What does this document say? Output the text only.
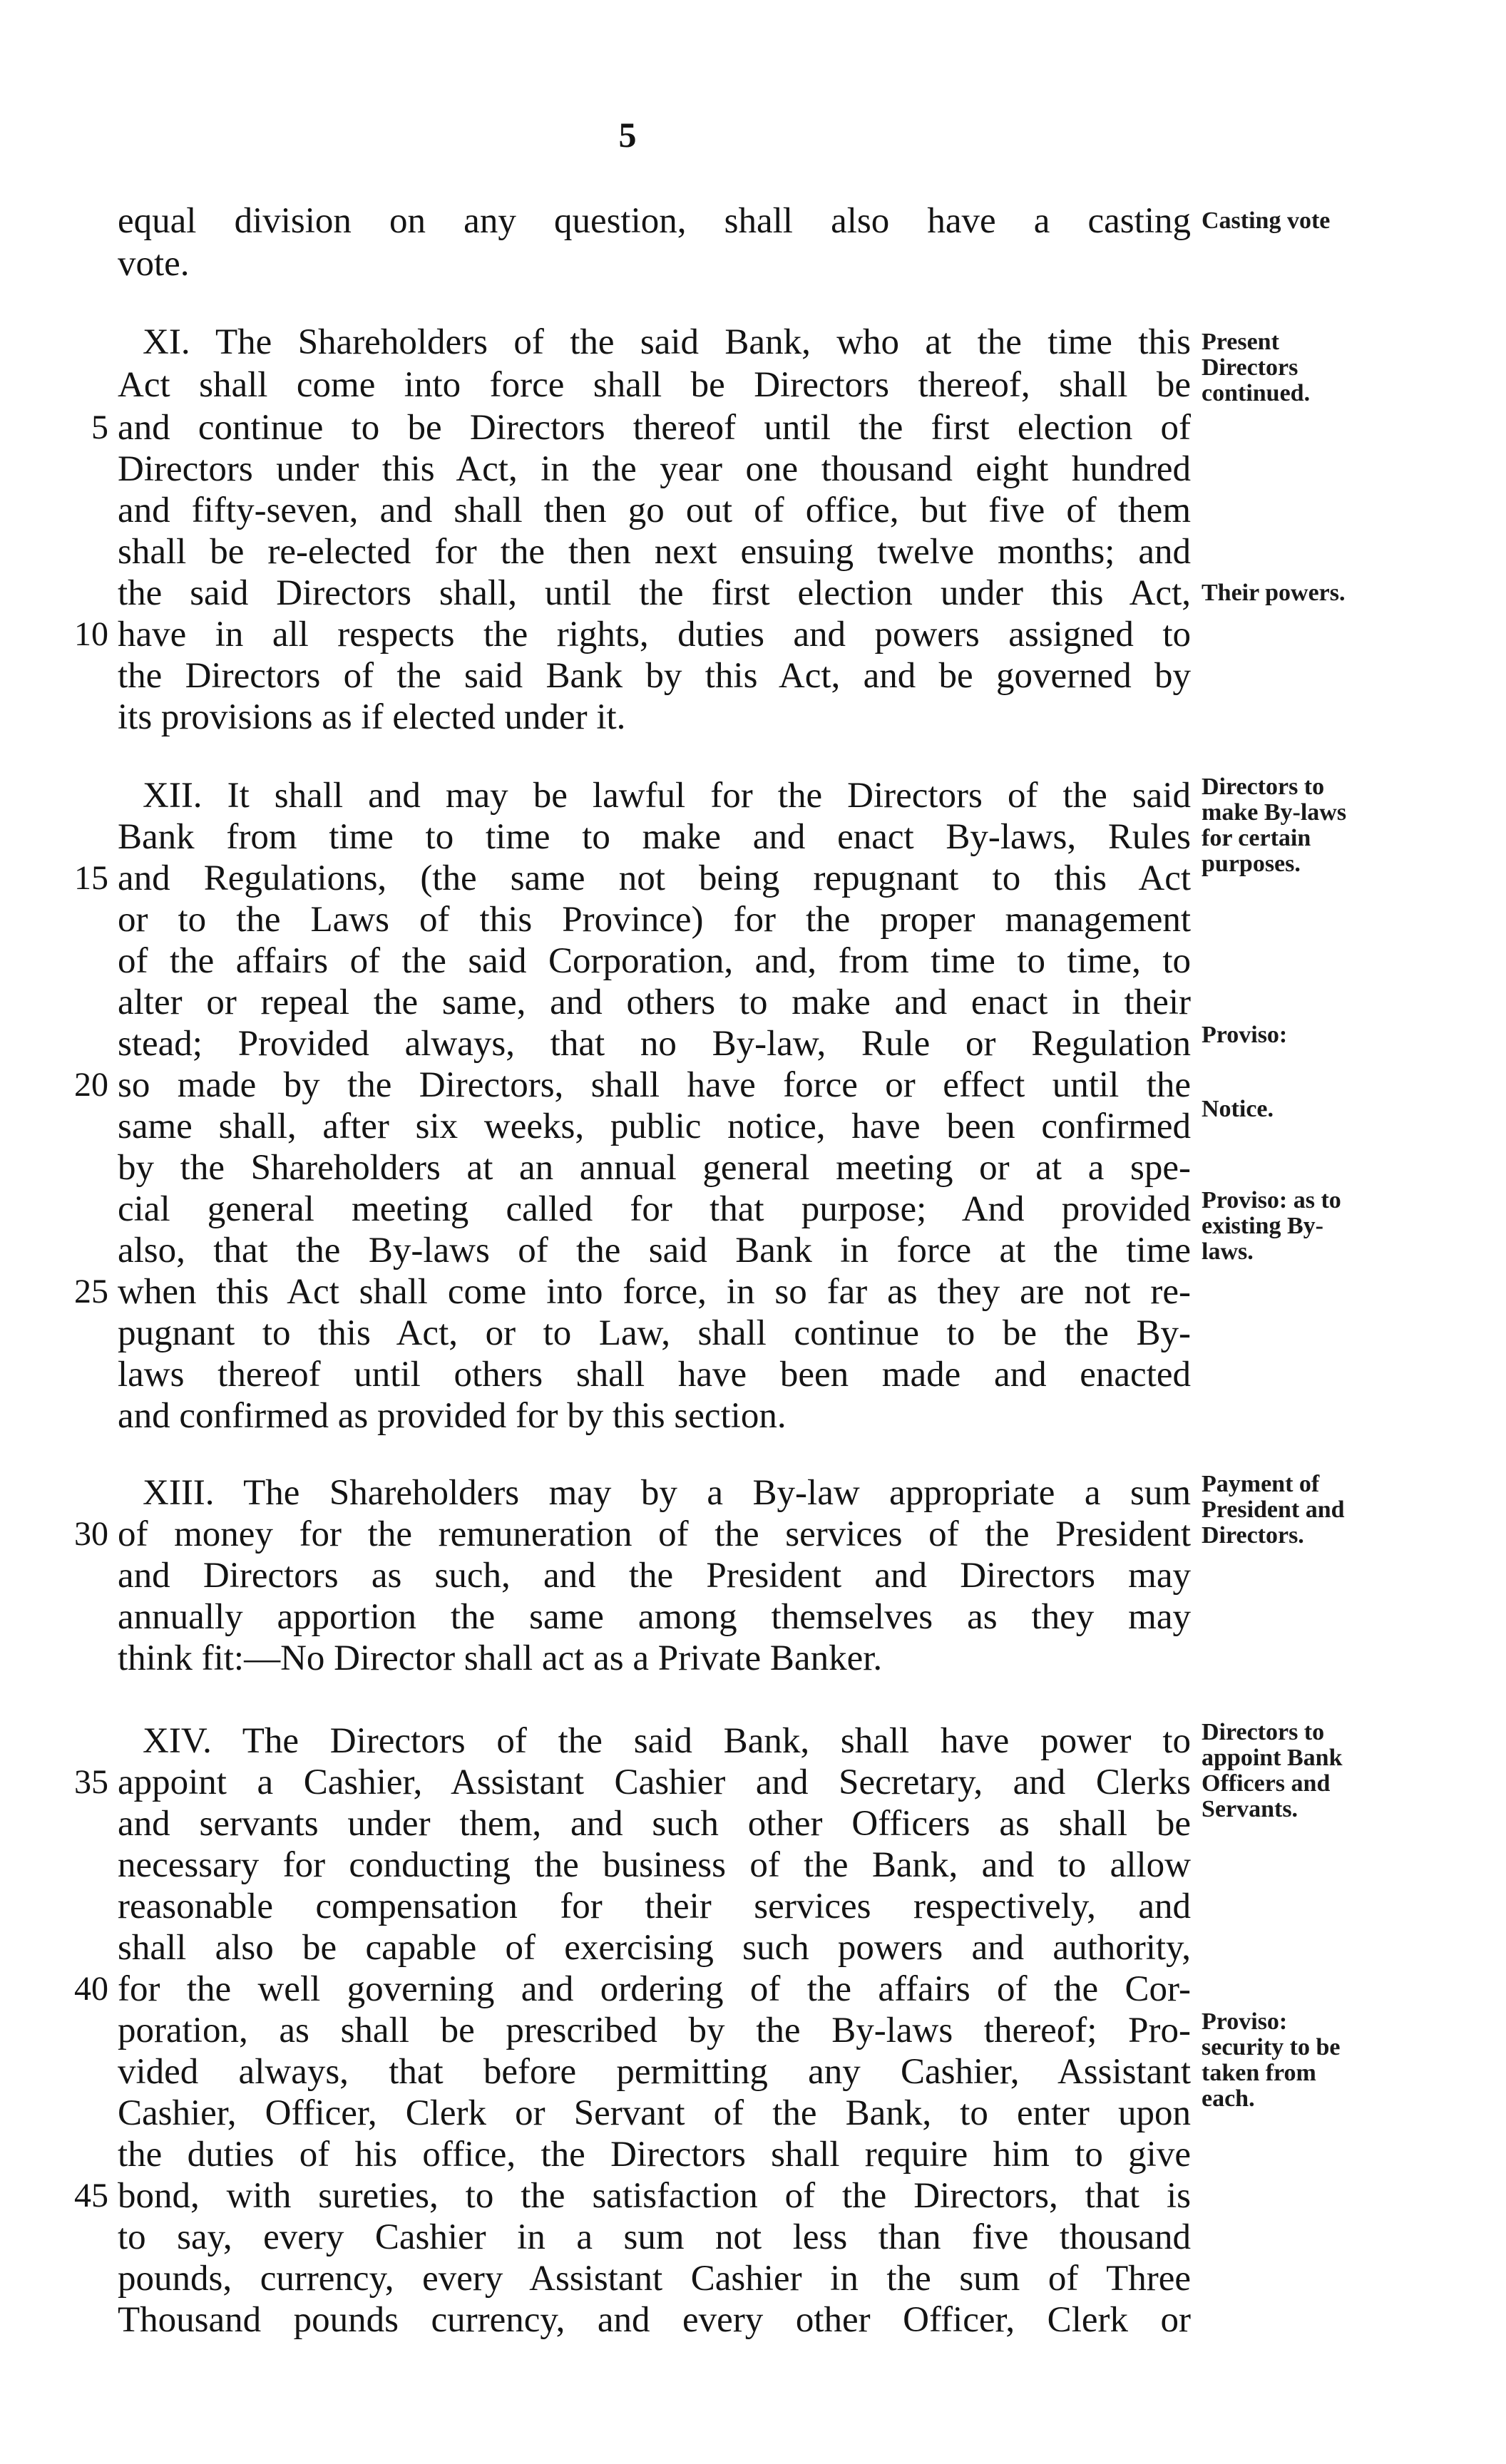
5
equal division on any question, shall also have a casting
vote.
XI. The Shareholders of the said Bank, who at the time this
Act shall come into force shall be Directors thereof, shall be
and continue to be Directors thereof until the first election of
Directors under this Act, in the year one thousand eight hundred
and fifty-seven, and shall then go out of office, but five of them
shall be re-elected for the then next ensuing twelve months; and
the said Directors shall, until the first election under this Act,
have in all respects the rights, duties and powers assigned to
the Directors of the said Bank by this Act, and be governed by
its provisions as if elected under it.
XII. It shall and may be lawful for the Directors of the said
Bank from time to time to make and enact By-laws, Rules
and Regulations, (the same not being repugnant to this Act
or to the Laws of this Province) for the proper management
of the affairs of the said Corporation, and, from time to time, to
alter or repeal the same, and others to make and enact in their
stead; Provided always, that no By-law, Rule or Regulation
so made by the Directors, shall have force or effect until the
same shall, after six weeks, public notice, have been confirmed
by the Shareholders at an annual general meeting or at a spe-
cial general meeting called for that purpose; And provided
also, that the By-laws of the said Bank in force at the time
when this Act shall come into force, in so far as they are not re-
pugnant to this Act, or to Law, shall continue to be the By-
laws thereof until others shall have been made and enacted
and confirmed as provided for by this section.
XIII. The Shareholders may by a By-law appropriate a sum
of money for the remuneration of the services of the President
and Directors as such, and the President and Directors may
annually apportion the same among themselves as they may
think fit:—No Director shall act as a Private Banker.
XIV. The Directors of the said Bank, shall have power to
appoint a Cashier, Assistant Cashier and Secretary, and Clerks
and servants under them, and such other Officers as shall be
necessary for conducting the business of the Bank, and to allow
reasonable compensation for their services respectively, and
shall also be capable of exercising such powers and authority,
for the well governing and ordering of the affairs of the Cor-
poration, as shall be prescribed by the By-laws thereof; Pro-
vided always, that before permitting any Cashier, Assistant
Cashier, Officer, Clerk or Servant of the Bank, to enter upon
the duties of his office, the Directors shall require him to give
bond, with sureties, to the satisfaction of the Directors, that is
to say, every Cashier in a sum not less than five thousand
pounds, currency, every Assistant Cashier in the sum of Three
Thousand pounds currency, and every other Officer, Clerk or
5
10
15
20
25
30
35
40
45
Casting vote
Present
Directors
continued.
Their powers.
Directors to
make By-laws
for certain
purposes.
Proviso:
Notice.
Proviso: as to
existing By-
laws.
Payment of
President and
Directors.
Directors to
appoint Bank
Officers and
Servants.
Proviso:
security to be
taken from
each.
